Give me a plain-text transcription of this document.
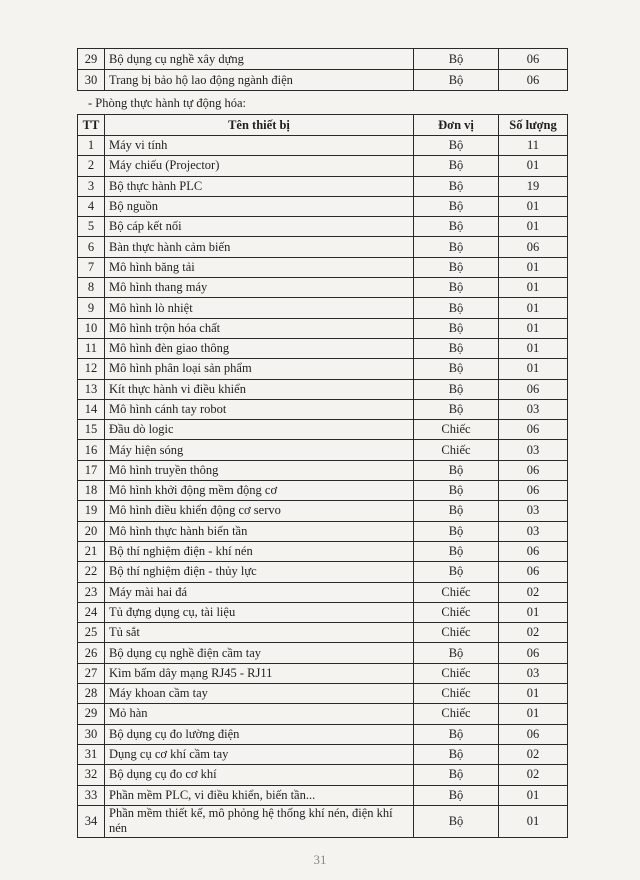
29	Bộ dụng cụ nghề xây dựng	Bộ	06
30	Trang bị bảo hộ lao động ngành điện	Bộ	06
- Phòng thực hành tự động hóa:
TT	Tên thiết bị	Đơn vị	Số lượng
1	Máy vi tính	Bộ	11
2	Máy chiếu (Projector)	Bộ	01
3	Bộ thực hành PLC	Bộ	19
4	Bộ nguồn	Bộ	01
5	Bộ cáp kết nối	Bộ	01
6	Bàn thực hành cảm biến	Bộ	06
7	Mô hình băng tải	Bộ	01
8	Mô hình thang máy	Bộ	01
9	Mô hình lò nhiệt	Bộ	01
10	Mô hình trộn hóa chất	Bộ	01
11	Mô hình đèn giao thông	Bộ	01
12	Mô hình phân loại sản phẩm	Bộ	01
13	Kít thực hành vi điều khiển	Bộ	06
14	Mô hình cánh tay robot	Bộ	03
15	Đầu dò logic	Chiếc	06
16	Máy hiện sóng	Chiếc	03
17	Mô hình truyền thông	Bộ	06
18	Mô hình khởi động mềm động cơ	Bộ	06
19	Mô hình điều khiển động cơ servo	Bộ	03
20	Mô hình thực hành biến tần	Bộ	03
21	Bộ thí nghiệm điện - khí nén	Bộ	06
22	Bộ thí nghiệm điện - thủy lực	Bộ	06
23	Máy mài hai đá	Chiếc	02
24	Tủ đựng dụng cụ, tài liệu	Chiếc	01
25	Tủ sắt	Chiếc	02
26	Bộ dụng cụ nghề điện cầm tay	Bộ	06
27	Kìm bấm dây mạng RJ45 - RJ11	Chiếc	03
28	Máy khoan cầm tay	Chiếc	01
29	Mỏ hàn	Chiếc	01
30	Bộ dụng cụ đo lường điện	Bộ	06
31	Dụng cụ cơ khí cầm tay	Bộ	02
32	Bộ dụng cụ đo cơ khí	Bộ	02
33	Phần mềm PLC, vi điều khiển, biến tần...	Bộ	01
34	Phần mềm thiết kế, mô phỏng hệ thống khí nén, điện khí nén	Bộ	01
31
